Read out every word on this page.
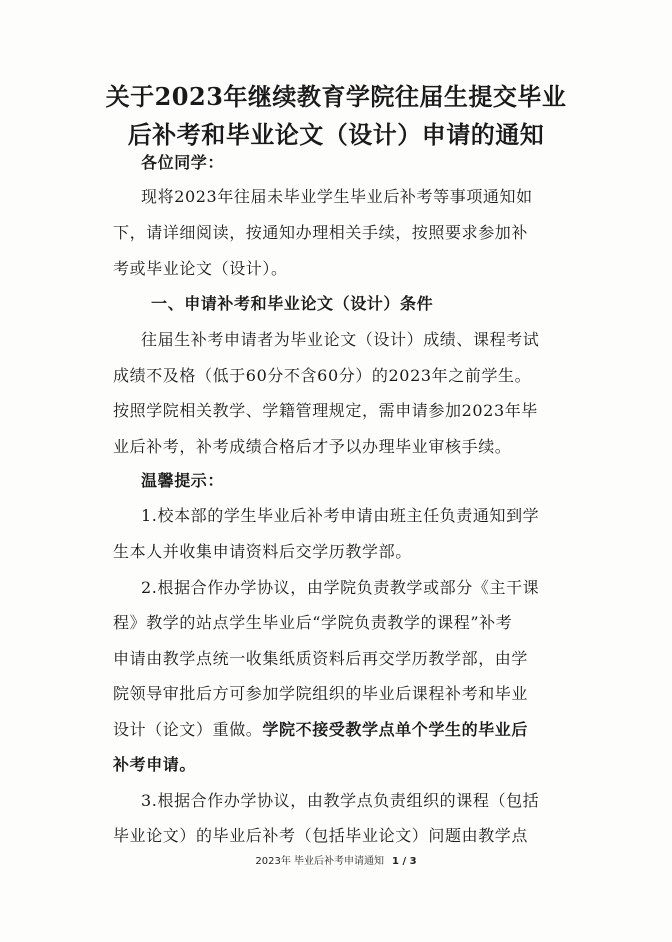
关于2023年继续教育学院往届生提交毕业
后补考和毕业论文（设计）申请的通知
各位同学：
现将2023年往届未毕业学生毕业后补考等事项通知如
下，请详细阅读，按通知办理相关手续，按照要求参加补
考或毕业论文（设计）。
一、申请补考和毕业论文（设计）条件
往届生补考申请者为毕业论文（设计）成绩、课程考试
成绩不及格（低于60分不含60分）的2023年之前学生。
按照学院相关教学、学籍管理规定，需申请参加2023年毕
业后补考，补考成绩合格后才予以办理毕业审核手续。
温馨提示：
1.校本部的学生毕业后补考申请由班主任负责通知到学
生本人并收集申请资料后交学历教学部。
2.根据合作办学协议，由学院负责教学或部分《主干课
程》教学的站点学生毕业后“学院负责教学的课程”补考
申请由教学点统一收集纸质资料后再交学历教学部，由学
院领导审批后方可参加学院组织的毕业后课程补考和毕业
设计（论文）重做。学院不接受教学点单个学生的毕业后
补考申请。
3.根据合作办学协议，由教学点负责组织的课程（包括
毕业论文）的毕业后补考（包括毕业论文）问题由教学点
2023年 毕业后补考申请通知 1 / 3
